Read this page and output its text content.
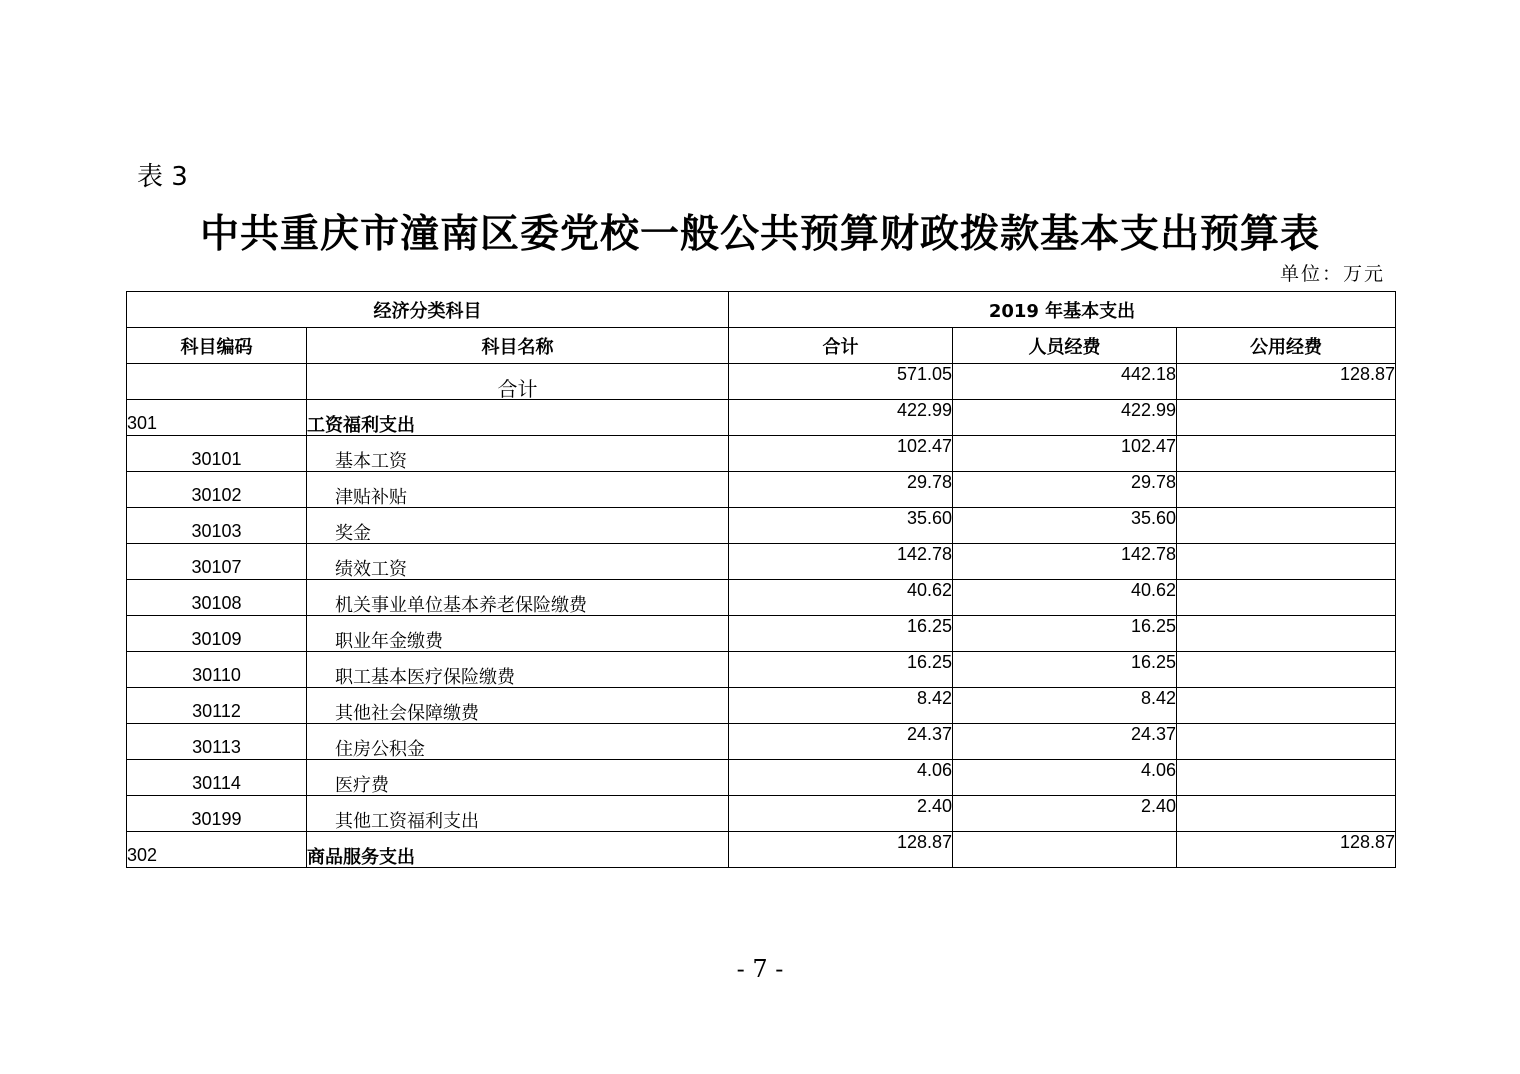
表 3
中共重庆市潼南区委党校一般公共预算财政拨款基本支出预算表
单位：万元
经济分类科目		2019 年基本支出		
科目编码	科目名称	合计	人员经费	公用经费
	合计	571.05	442.18	128.87
301	工资福利支出	422.99	422.99	
30101	基本工资	102.47	102.47	
30102	津贴补贴	29.78	29.78	
30103	奖金	35.60	35.60	
30107	绩效工资	142.78	142.78	
30108	机关事业单位基本养老保险缴费	40.62	40.62	
30109	职业年金缴费	16.25	16.25	
30110	职工基本医疗保险缴费	16.25	16.25	
30112	其他社会保障缴费	8.42	8.42	
30113	住房公积金	24.37	24.37	
30114	医疗费	4.06	4.06	
30199	其他工资福利支出	2.40	2.40	
302	商品服务支出	128.87		128.87
- 7 -
